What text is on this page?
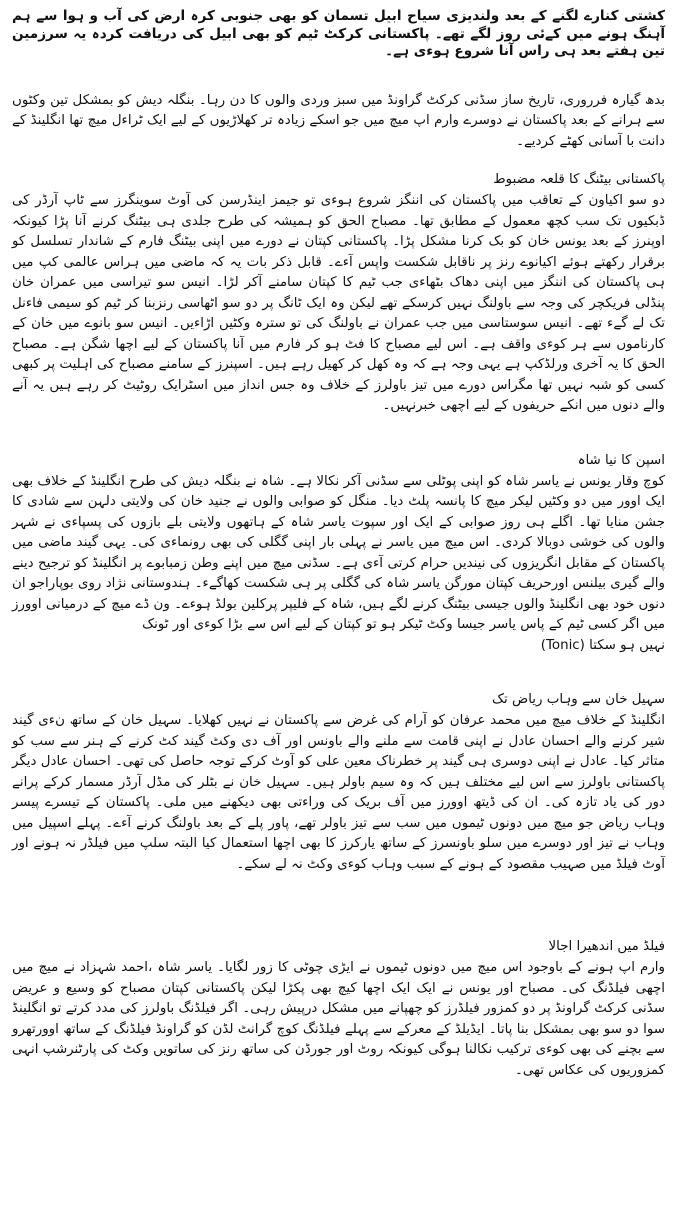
کشتی کنارے لگنے کے بعد ولندیزی سیاح ابیل تسمان کو بھی جنوبی کرہ ارض کی آب و ہوا سے ہم آہنگ ہونے میں کےئی روز لگے تھے۔ پاکستانی کرکٹ ٹیم کو بھی ابیل کی دریافت کردہ یہ سرزمین تین ہفتے بعد ہی راس آنا شروع ہوءی ہے۔

بدھ گیارہ فرروری، تاریخ ساز سڈنی کرکٹ گراونڈ میں سبز وردی والوں کا دن رہا۔ بنگلہ دیش کو بمشکل تین وکٹوں سے ہرانے کے بعد پاکستان نے دوسرے وارم اپ میچ میں جو اسکے زیادہ تر کھلاڑیوں کے لیے ایک ٹراءل میچ تھا انگلینڈ کے دانت با آسانی کھٹے کردیے۔

پاکستانی بیٹنگ کا قلعہ مضبوط

دو سو اکیاون کے تعاقب میں پاکستان کی اننگز شروع ہوءی تو جیمز اینڈرسن کی آوٹ سوینگرز سے ٹاپ آرڈر کی ڈبکیوں تک سب کچھ معمول کے مطابق تھا۔ مصباح الحق کو ہمیشہ کی طرح جلدی ہی بیٹنگ کرنے آنا پڑا کیونکہ اوپنرز کے بعد یونس خان کو بک کرنا مشکل پڑا۔ پاکستانی کپتان نے دورے میں اپنی بیٹنگ فارم کے شاندار تسلسل کو برقرار رکھتے ہوئے اکیانوے رنز پر ناقابل شکست واپس آءے۔ قابل ذکر بات یہ کہ ماضی میں ہراس عالمی کپ میں ہی پاکستان کی اننگز میں اپنی دھاک بٹھاءی جب ٹیم کا کپتان سامنے آکر لڑا۔ انیس سو تیراسی میں عمران خان پنڈلی فریکچر کی وجہ سے باولنگ نہیں کرسکے تھے لیکن وہ ایک ٹانگ پر دو سو اٹھاسی رنزبنا کر ٹیم کو سیمی فاءنل تک لے گےء تھے۔ انیس سوستاسی میں جب عمران نے باولنگ کی تو سترہ وکٹیں اڑاءیں۔ انیس سو بانوے میں خان کے کارناموں سے ہر کوءی واقف ہے۔ اس لیے مصباح کا فٹ ہو کر فارم میں آنا پاکستان کے لیے اچھا شگن ہے۔ مصباح الحق کا یہ آخری ورلڈکپ ہے یہی وجہ ہے کہ وہ کھل کر کھیل رہے ہیں۔ اسپنرز کے سامنے مصباح کی اہلیت پر کبھی کسی کو شبہ نہیں تھا مگراس دورے میں تیز باولرز کے خلاف وہ جس انداز میں اسٹرایک روٹیٹ کر رہے ہیں یہ آنے والے دنوں میں انکے حریفوں کے لیے اچھی خبرنہیں۔

اسپن کا نیا شاہ

کوچ وقار یونس نے یاسر شاہ کو اپنی پوٹلی سے سڈنی آکر نکالا ہے۔ شاہ نے بنگلہ دیش کی طرح انگلینڈ کے خلاف بھی ایک اوور میں دو وکٹیں لیکر میچ کا پانسہ پلٹ دیا۔ منگل کو صوابی والوں نے جنید خان کی ولایتی دلہن سے شادی کا جشن منایا تھا۔ اگلے ہی روز صوابی کے ایک اور سپوت یاسر شاہ کے ہاتھوں ولایتی بلے بازوں کی پسپاءی نے شہر والوں کی خوشی دوبالا کردی۔ اس میچ میں یاسر نے پہلی بار اپنی گگلی کی بھی رونماءی کی۔ یہی گیند ماضی میں پاکستان کے مقابل انگریزوں کی نیندیں حرام کرتی آءی ہے۔ سڈنی میچ میں اپنے وطن زمبابوے پر انگلینڈ کو ترجیح دینے والے گیری بیلنس اورحریف کپتان مورگن یاسر شاہ کی گگلی پر ہی شکست کھاگےء۔ ہندوستانی نژاد روی بوپاراجو ان دنوں خود بھی انگلینڈ والوں جیسی بیٹنگ کرنے لگے ہیں، شاہ کے فلیپر پرکلین بولڈ ہوءے۔ ون ڈے میچ کے درمیانی اوورز میں اگر کسی ٹیم کے پاس یاسر جیسا وکٹ ٹیکر ہو تو کپتان کے لیے اس سے بڑا کوءی اور ٹونک

نہیں ہو سکتا (Tonic)

سہیل خان سے وہاب ریاض تک

انگلینڈ کے خلاف میچ میں محمد عرفان کو آرام کی غرض سے پاکستان نے نہیں کھلایا۔ سہیل خان کے ساتھ نءی گیند شیر کرنے والے احسان عادل نے اپنی قامت سے ملنے والے باونس اور آف دی وکٹ گیند کٹ کرنے کے ہنر سے سب کو متاثر کیا۔ عادل نے اپنی دوسری ہی گیند پر خطرناک معین علی کو آوٹ کرکے توجہ حاصل کی تھی۔ احسان عادل دیگر پاکستانی باولرز سے اس لیے مختلف ہیں کہ وہ سیم باولر ہیں۔ سہیل خان نے بٹلر کی مڈل آرڈر مسمار کرکے پرانے دور کی یاد تازہ کی۔ ان کی ڈیتھ اوورز میں آف بریک کی وراءتی بھی دیکھنے میں ملی۔ پاکستان کے تیسرے پیسر وہاب ریاض جو میچ میں دونوں ٹیموں میں سب سے تیز باولر تھے، پاور پلے کے بعد باولنگ کرنے آءے۔ پہلے اسپیل میں وہاب نے تیز اور دوسرے میں سلو باونسرز کے ساتھ یارکرز کا بھی اچھا استعمال کیا البتہ سلپ میں فیلڈر نہ ہونے اور آوٹ فیلڈ میں صہیب مقصود کے ہونے کے سبب وہاب کوءی وکٹ نہ لے سکے۔

فیلڈ میں اندھیرا اجالا

وارم اپ ہونے کے باوجود اس میچ میں دونوں ٹیموں نے ایڑی چوٹی کا زور لگایا۔ یاسر شاہ ،احمد شہزاد نے میچ میں اچھی فیلڈنگ کی۔ مصباح اور یونس نے ایک ایک اچھا کیچ بھی پکڑا لیکن پاکستانی کپتان مصباح کو وسیع و عریض سڈنی کرکٹ گراونڈ پر دو کمزور فیلڈرز کو چھپانے میں مشکل درپیش رہی۔ اگر فیلڈنگ باولرز کی مدد کرتے تو انگلینڈ سوا دو سو بھی بمشکل بنا پاتا۔ ایڈیلڈ کے معرکے سے پہلے فیلڈنگ کوچ گرانٹ لڈن کو گراونڈ فیلڈنگ کے ساتھ اوورتھرو سے بچنے کی بھی کوءی ترکیب نکالنا ہوگی کیونکہ روٹ اور جورڈن کی ساتھ رنز کی ساتویں وکٹ کی پارٹنرشپ انہی کمزوریوں کی عکاس تھی۔
